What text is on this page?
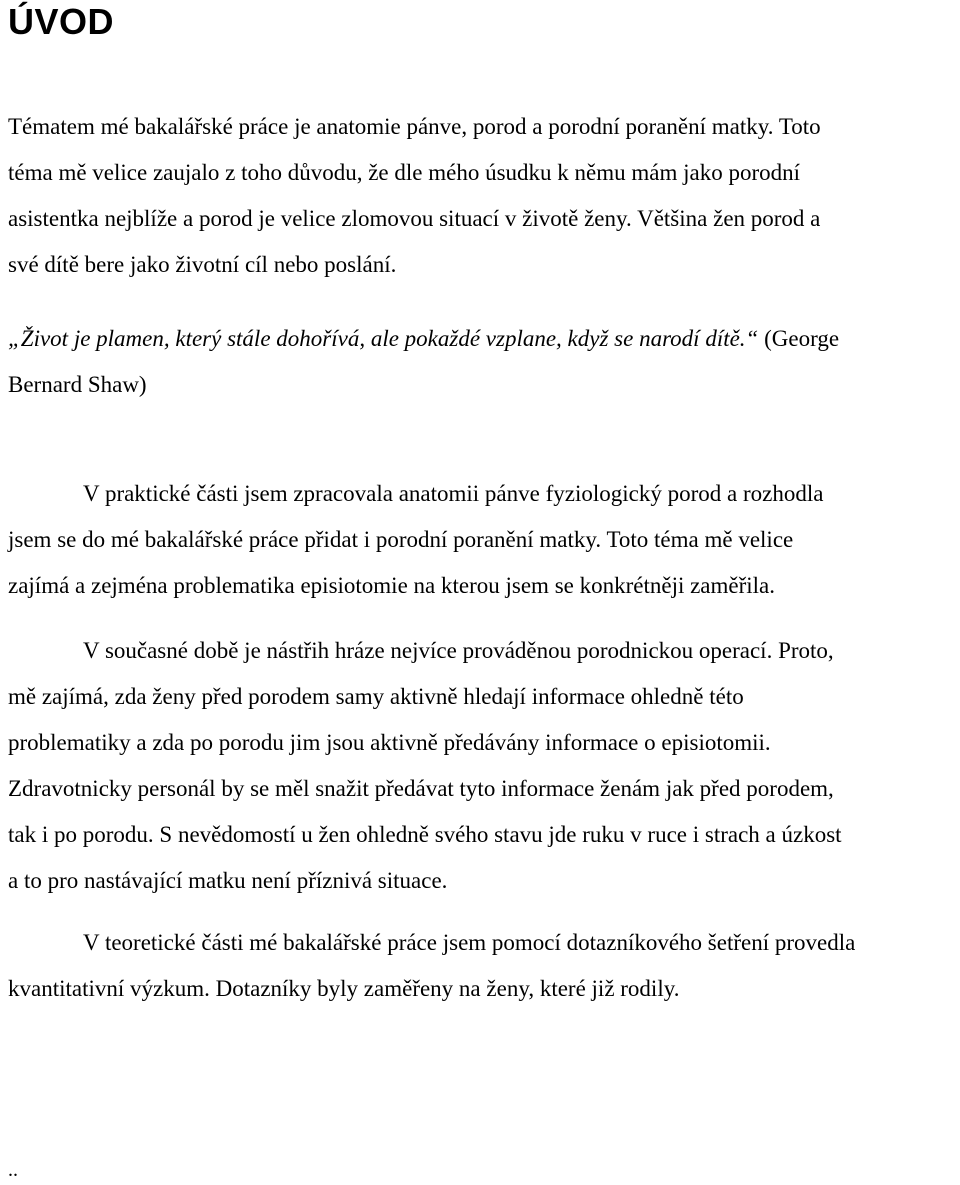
ÚVOD
Tématem mé bakalářské práce je anatomie pánve, porod a porodní poranění matky. Toto
téma mě velice zaujalo z toho důvodu, že dle mého úsudku k němu mám jako porodní
asistentka nejblíže a porod je velice zlomovou situací v životě ženy. Většina žen porod a
své dítě bere jako životní cíl nebo poslání.
„Život je plamen, který stále dohořívá, ale pokaždé vzplane, když se narodí dítě.“ (George
Bernard Shaw)
V praktické části jsem zpracovala anatomii pánve fyziologický porod a rozhodla
jsem se do mé bakalářské práce přidat i porodní poranění matky. Toto téma mě velice
zajímá a zejména problematika episiotomie na kterou jsem se konkrétněji zaměřila.
V současné době je nástřih hráze nejvíce prováděnou porodnickou operací. Proto,
mě zajímá, zda ženy před porodem samy aktivně hledají informace ohledně této
problematiky a zda po porodu jim jsou aktivně předávány informace o episiotomii.
Zdravotnicky personál by se měl snažit předávat tyto informace ženám jak před porodem,
tak i po porodu. S nevědomostí u žen ohledně svého stavu jde ruku v ruce i strach a úzkost
a to pro nastávající matku není příznivá situace.
V teoretické části mé bakalářské práce jsem pomocí dotazníkového šetření provedla
kvantitativní výzkum. Dotazníky byly zaměřeny na ženy, které již rodily.
..
